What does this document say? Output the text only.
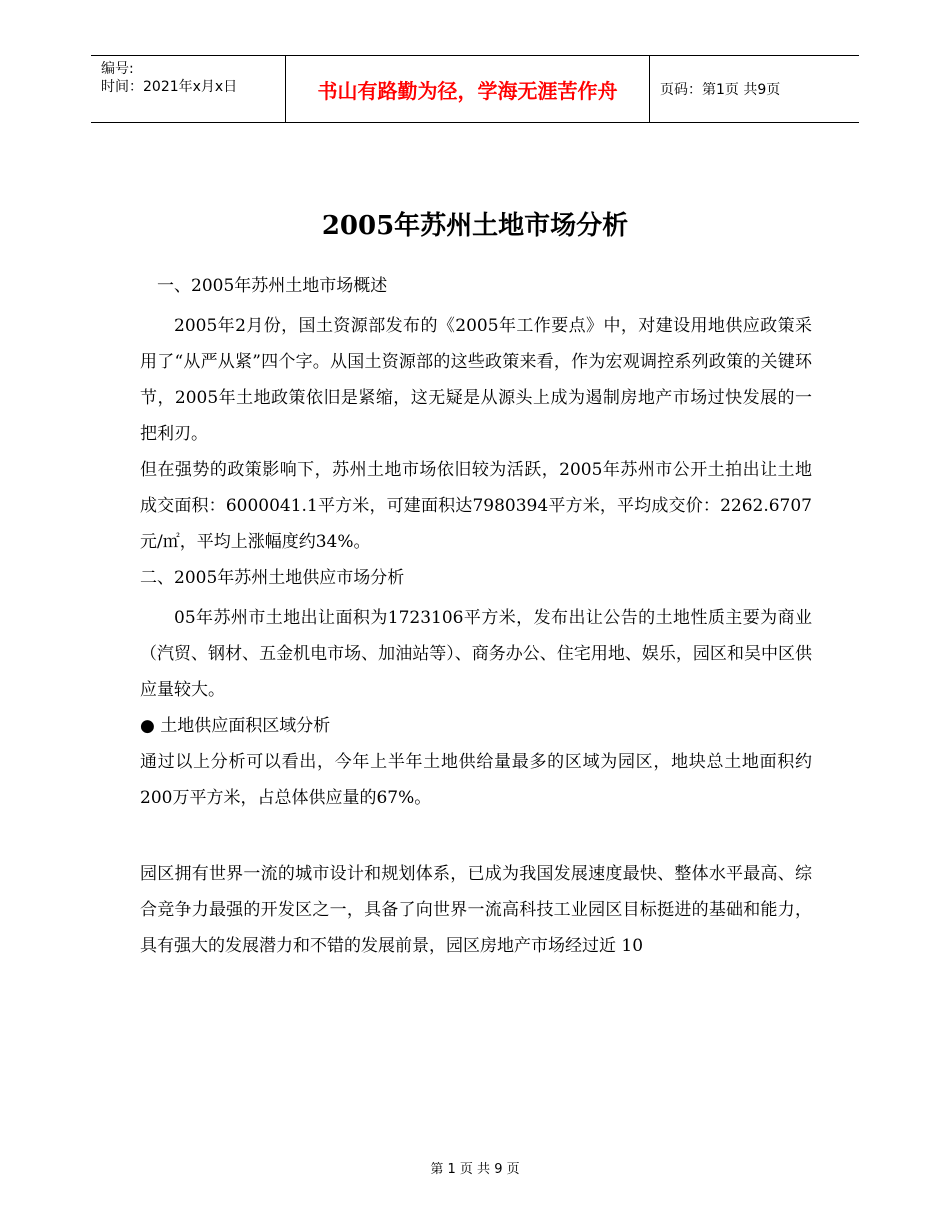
编号:
时间：2021年x月x日	书山有路勤为径，学海无涯苦作舟	页码：第1页 共9页
2005年苏州土地市场分析

一、2005年苏州土地市场概述

2005年2月份，国土资源部发布的《2005年工作要点》中，对建设用地供应政策采用了“从严从紧”四个字。从国土资源部的这些政策来看，作为宏观调控系列政策的关键环节，2005年土地政策依旧是紧缩，这无疑是从源头上成为遏制房地产市场过快发展的一把利刃。

但在强势的政策影响下，苏州土地市场依旧较为活跃，2005年苏州市公开土拍出让土地成交面积：6000041.1平方米，可建面积达7980394平方米，平均成交价：2262.6707元/㎡，平均上涨幅度约34%。

二、2005年苏州土地供应市场分析

05年苏州市土地出让面积为1723106平方米，发布出让公告的土地性质主要为商业（汽贸、钢材、五金机电市场、加油站等）、商务办公、住宅用地、娱乐，园区和吴中区供应量较大。

● 土地供应面积区域分析

通过以上分析可以看出，今年上半年土地供给量最多的区域为园区，地块总土地面积约200万平方米，占总体供应量的67%。

园区拥有世界一流的城市设计和规划体系，已成为我国发展速度最快、整体水平最高、综合竞争力最强的开发区之一，具备了向世界一流高科技工业园区目标挺进的基础和能力，具有强大的发展潜力和不错的发展前景，园区房地产市场经过近 10

第 1 页 共 9 页
